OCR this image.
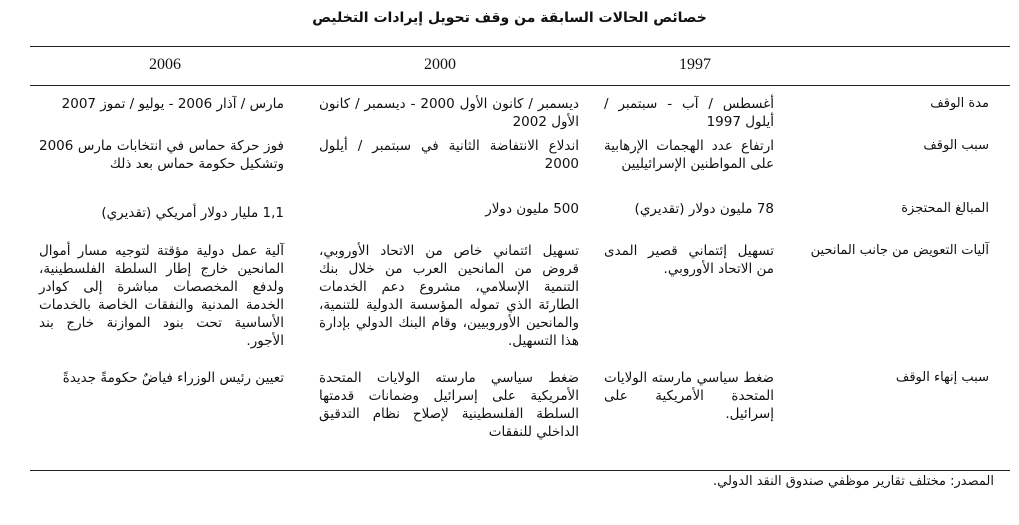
خصائص الحالات السابقة من وقف تحويل إيرادات التخليص
1997
2000
2006
مدة الوقف
أغسطس / آب - سبتمبر / أيلول 1997
ديسمبر / كانون الأول 2000 - ديسمبر / كانون الأول 2002
مارس / آذار 2006 - يوليو / تموز 2007
سبب الوقف
ارتفاع عدد الهجمات الإرهابية على المواطنين الإسرائيليين
اندلاع الانتفاضة الثانية في سبتمبر / أيلول 2000
فوز حركة حماس في انتخابات مارس 2006 وتشكيل حكومة حماس بعد ذلك
المبالغ المحتجزة
78 مليون دولار (تقديري)
500 مليون دولار
1,1 مليار دولار أمريكي (تقديري)
آليات التعويض من جانب المانحين
تسهيل إئتماني قصير المدى من الاتحاد الأوروبي.
تسهيل ائتماني خاص من الاتحاد الأوروبي، قروض من المانحين العرب من خلال بنك التنمية الإسلامي، مشروع دعم الخدمات الطارئة الذي تموله المؤسسة الدولية للتنمية، والمانحين الأوروبيين، وقام البنك الدولي بإدارة هذا التسهيل.
آلية عمل دولية مؤقتة لتوجيه مسار أموال المانحين خارج إطار السلطة الفلسطينية، ولدفع المخصصات مباشرة إلى كوادر الخدمة المدنية والنفقات الخاصة بالخدمات الأساسية تحت بنود الموازنة خارج بند الأجور.
سبب إنهاء الوقف
ضغط سياسي مارسته الولايات المتحدة الأمريكية على إسرائيل.
ضغط سياسي مارسته الولايات المتحدة الأمريكية على إسرائيل وضمانات قدمتها السلطة الفلسطينية لإصلاح نظام التدقيق الداخلي للنفقات
تعيين رئيس الوزراء فياضٌ حكومةً جديدةً
المصدر: مختلف تقارير موظفي صندوق النقد الدولي.
